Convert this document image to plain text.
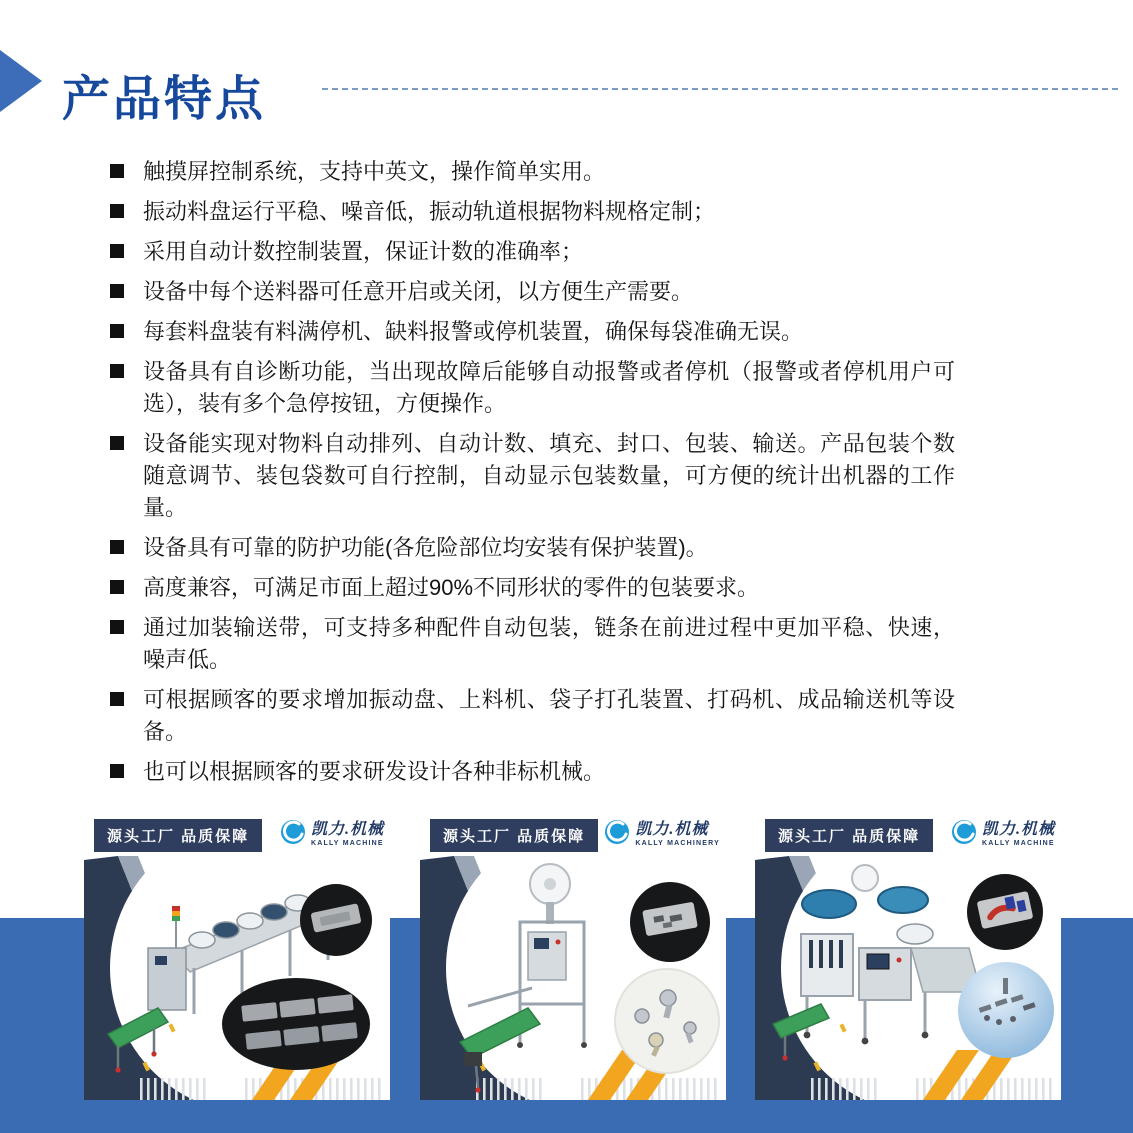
产品特点
触摸屏控制系统，支持中英文，操作简单实用。
振动料盘运行平稳、噪音低，振动轨道根据物料规格定制；
采用自动计数控制装置，保证计数的准确率；
设备中每个送料器可任意开启或关闭，以方便生产需要。
每套料盘装有料满停机、缺料报警或停机装置，确保每袋准确无误。
设备具有自诊断功能，当出现故障后能够自动报警或者停机（报警或者停机用户可选），装有多个急停按钮，方便操作。
设备能实现对物料自动排列、自动计数、填充、封口、包装、输送。产品包装个数随意调节、装包袋数可自行控制，自动显示包装数量，可方便的统计出机器的工作量。
设备具有可靠的防护功能(各危险部位均安装有保护装置)。
高度兼容，可满足市面上超过90%不同形状的零件的包装要求。
通过加装输送带，可支持多种配件自动包装，链条在前进过程中更加平稳、快速，噪声低。
可根据顾客的要求增加振动盘、上料机、袋子打孔装置、打码机、成品输送机等设备。
也可以根据顾客的要求研发设计各种非标机械。
源头工厂 品质保障	凯力.机械
KALLY MACHINE	源头工厂 品质保障	凯力.机械
KALLY MACHINERY	源头工厂 品质保障	凯力.机械
KALLY MACHINE
